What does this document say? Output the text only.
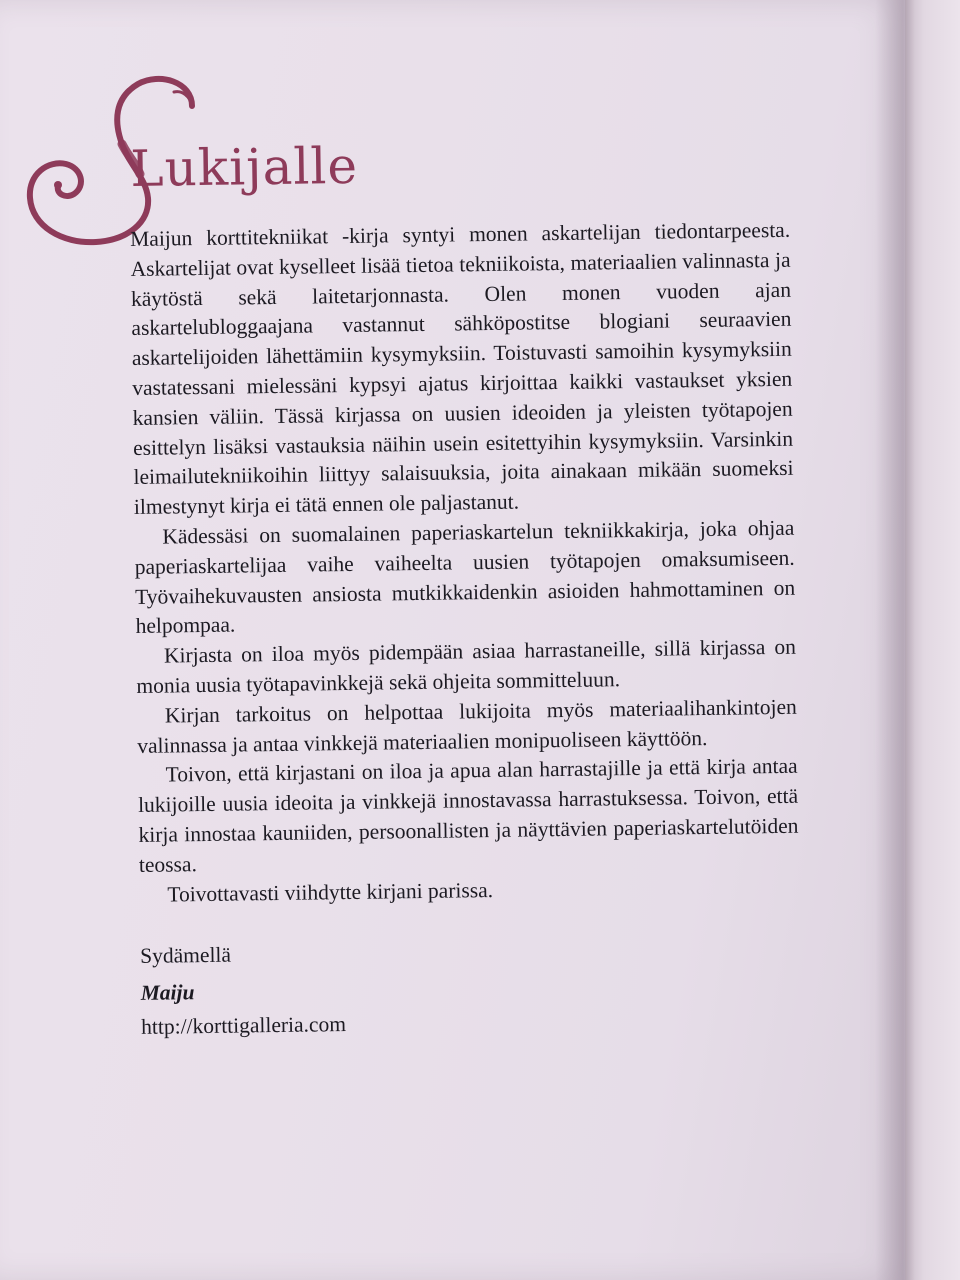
Lukijalle

Maijun korttitekniikat -kirja syntyi monen askartelijan tiedontarpeesta. Askartelijat ovat kyselleet lisää tietoa tekniikoista, materiaalien valinnasta ja käytöstä sekä laitetarjonnasta. Olen monen vuoden ajan askartelubloggaajana vastannut sähköpostitse blogiani seuraavien askartelijoiden lähettämiin kysymyksiin. Toistuvasti samoihin kysymyksiin vastatessani mielessäni kypsyi ajatus kirjoittaa kaikki vastaukset yksien kansien väliin. Tässä kirjassa on uusien ideoiden ja yleisten työtapojen esittelyn lisäksi vastauksia näihin usein esitettyihin kysymyksiin. Varsinkin leimailutekniikoihin liittyy salaisuuksia, joita ainakaan mikään suomeksi ilmestynyt kirja ei tätä ennen ole paljastanut.

Kädessäsi on suomalainen paperiaskartelun tekniikkakirja, joka ohjaa paperiaskartelijaa vaihe vaiheelta uusien työtapojen omaksumiseen. Työvaihekuvausten ansiosta mutkikkaidenkin asioiden hahmottaminen on helpompaa.

Kirjasta on iloa myös pidempään asiaa harrastaneille, sillä kirjassa on monia uusia työtapavinkkejä sekä ohjeita sommitteluun.

Kirjan tarkoitus on helpottaa lukijoita myös materiaalihankintojen valinnassa ja antaa vinkkejä materiaalien monipuoliseen käyttöön.

Toivon, että kirjastani on iloa ja apua alan harrastajille ja että kirja antaa lukijoille uusia ideoita ja vinkkejä innostavassa harrastuksessa. Toivon, että kirja innostaa kauniiden, persoonallisten ja näyttävien paperiaskartelutöiden teossa.

Toivottavasti viihdytte kirjani parissa.

Sydämellä
Maiju
http://korttigalleria.com
